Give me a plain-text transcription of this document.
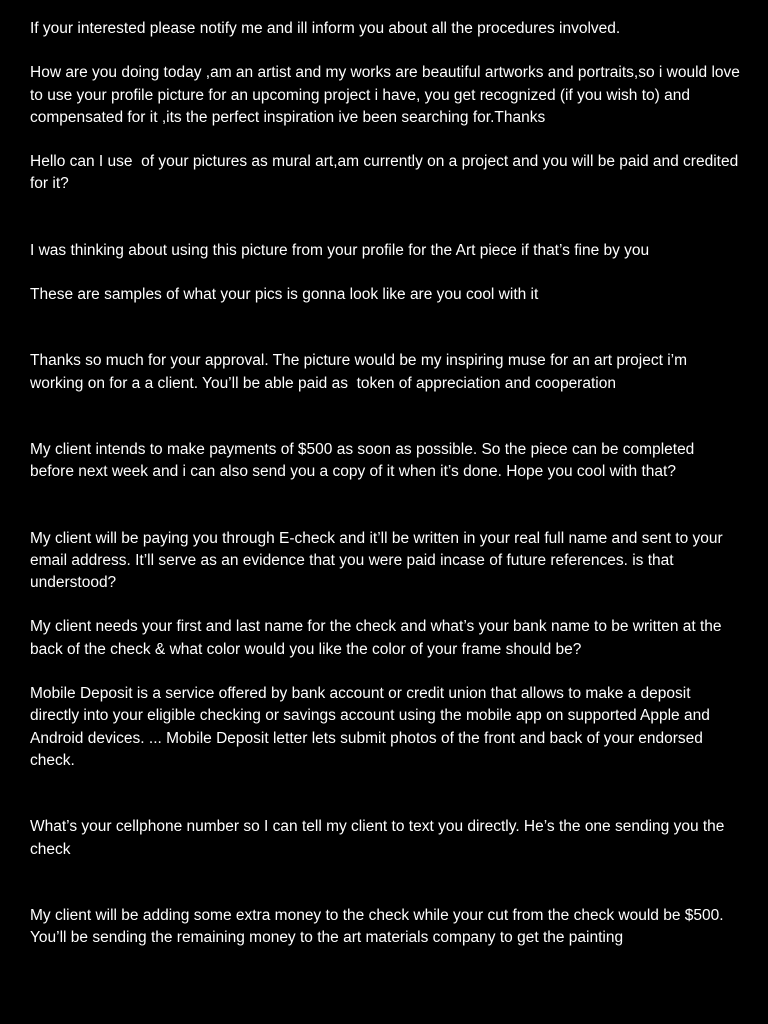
If your interested please notify me and ill inform you about all the procedures involved.

How are you doing today ,am an artist and my works are beautiful artworks and portraits,so i would love to use your profile picture for an upcoming project i have, you get recognized (if you wish to) and compensated for it ,its the perfect inspiration ive been searching for.Thanks

Hello can I use  of your pictures as mural art,am currently on a project and you will be paid and credited for it?

I was thinking about using this picture from your profile for the Art piece if that’s fine by you

These are samples of what your pics is gonna look like are you cool with it

Thanks so much for your approval. The picture would be my inspiring muse for an art project i’m working on for a a client. You’ll be able paid as  token of appreciation and cooperation

My client intends to make payments of $500 as soon as possible. So the piece can be completed before next week and i can also send you a copy of it when it’s done. Hope you cool with that?

My client will be paying you through E-check and it’ll be written in your real full name and sent to your email address. It’ll serve as an evidence that you were paid incase of future references. is that understood?

My client needs your first and last name for the check and what’s your bank name to be written at the back of the check & what color would you like the color of your frame should be?

Mobile Deposit is a service offered by bank account or credit union that allows to make a deposit directly into your eligible checking or savings account using the mobile app on supported Apple and Android devices. ... Mobile Deposit letter lets submit photos of the front and back of your endorsed check.

What’s your cellphone number so I can tell my client to text you directly. He’s the one sending you the check

My client will be adding some extra money to the check while your cut from the check would be $500. You’ll be sending the remaining money to the art materials company to get the painting
